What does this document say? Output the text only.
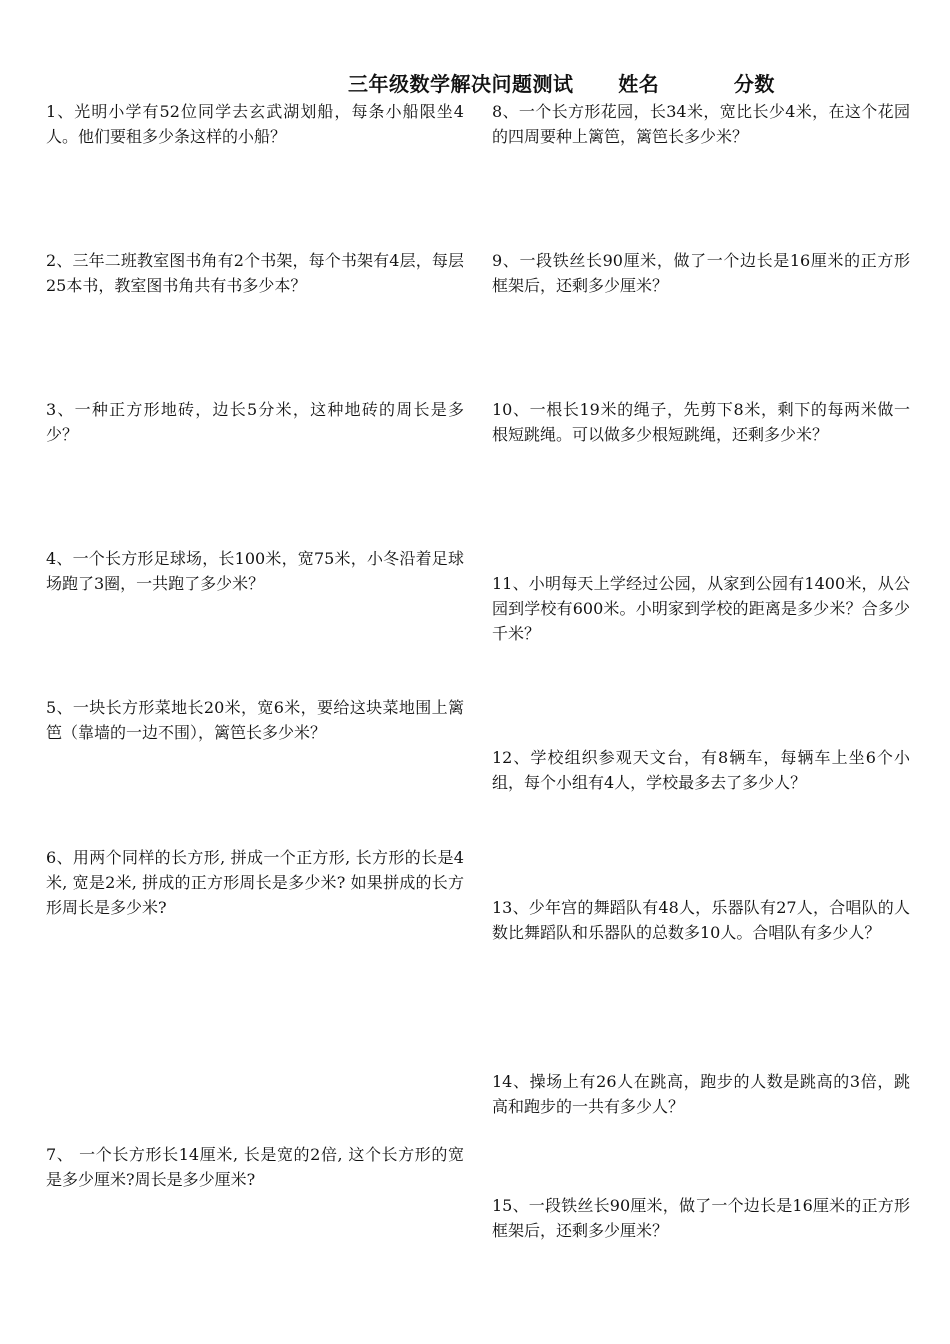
三年级数学解决问题测试      姓名          分数

1、光明小学有52位同学去玄武湖划船，每条小船限坐4人。他们要租多少条这样的小船？

2、三年二班教室图书角有2个书架，每个书架有4层，每层25本书，教室图书角共有书多少本？

3、一种正方形地砖，边长5分米，这种地砖的周长是多少？

4、一个长方形足球场，长100米，宽75米，小冬沿着足球场跑了3圈，一共跑了多少米？

5、一块长方形菜地长20米，宽6米，要给这块菜地围上篱笆（靠墙的一边不围），篱笆长多少米？

6、用两个同样的长方形, 拼成一个正方形, 长方形的长是4米, 宽是2米, 拼成的正方形周长是多少米? 如果拼成的长方形周长是多少米?

7、 一个长方形长14厘米, 长是宽的2倍, 这个长方形的宽是多少厘米?周长是多少厘米?

8、一个长方形花园，长34米，宽比长少4米，在这个花园的四周要种上篱笆，篱笆长多少米？

9、一段铁丝长90厘米，做了一个边长是16厘米的正方形框架后，还剩多少厘米？

10、一根长19米的绳子，先剪下8米，剩下的每两米做一根短跳绳。可以做多少根短跳绳，还剩多少米？

11、小明每天上学经过公园，从家到公园有1400米，从公园到学校有600米。小明家到学校的距离是多少米？合多少千米？

12、学校组织参观天文台，有8辆车，每辆车上坐6个小组，每个小组有4人，学校最多去了多少人？

13、少年宫的舞蹈队有48人，乐器队有27人，合唱队的人数比舞蹈队和乐器队的总数多10人。合唱队有多少人？

14、操场上有26人在跳高，跑步的人数是跳高的3倍，跳高和跑步的一共有多少人？

15、一段铁丝长90厘米，做了一个边长是16厘米的正方形框架后，还剩多少厘米？
